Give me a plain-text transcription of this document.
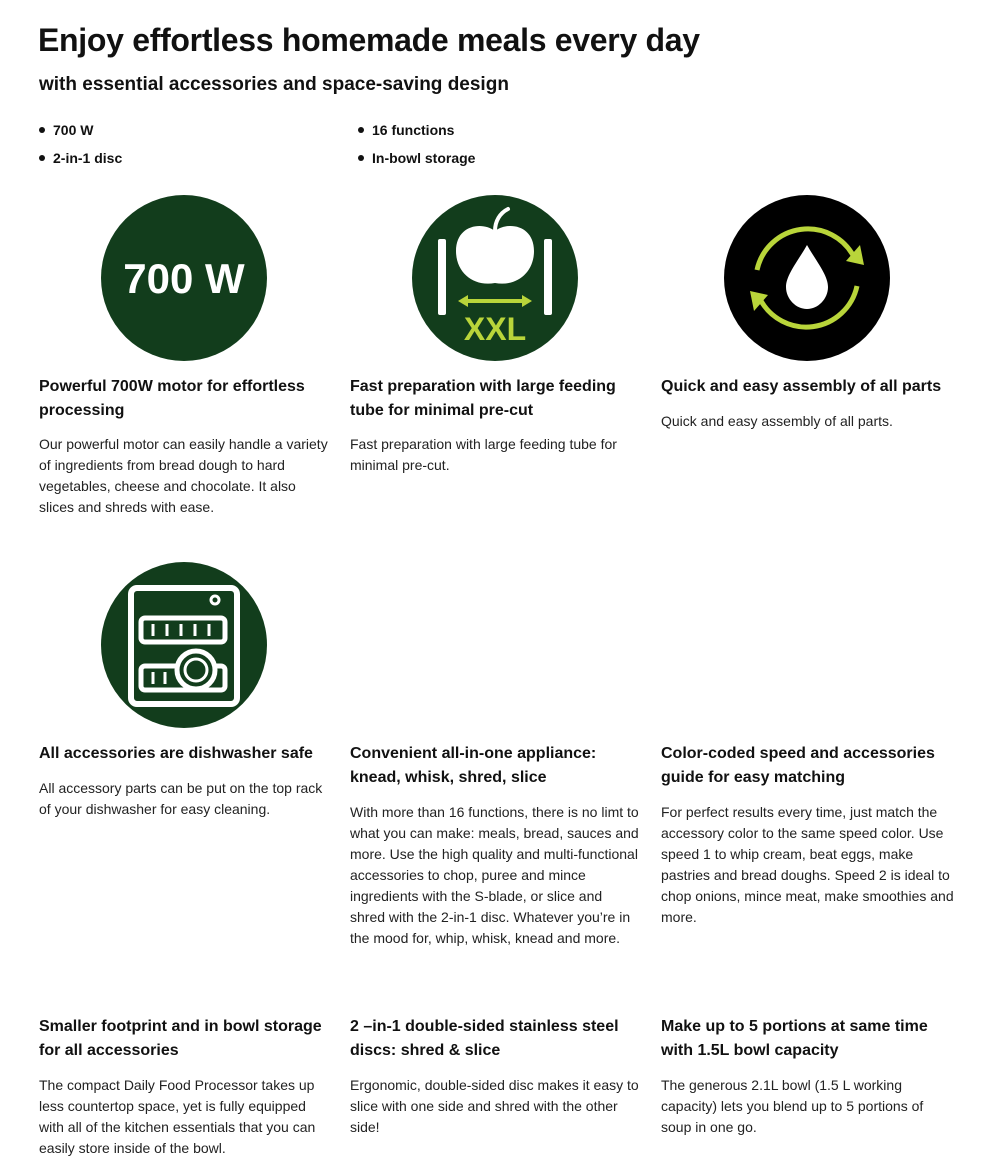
Enjoy effortless homemade meals every day
with essential accessories and space-saving design
700 W
2-in-1 disc
16 functions
In-bowl storage
700 W
XXL
Powerful 700W motor for effortless processing

Our powerful motor can easily handle a variety of ingredients from bread dough to hard vegetables, cheese and chocolate. It also slices and shreds with ease.

Fast preparation with large feeding tube for minimal pre-cut

Fast preparation with large feeding tube for minimal pre-cut.

Quick and easy assembly of all parts

Quick and easy assembly of all parts.

All accessories are dishwasher safe

All accessory parts can be put on the top rack of your dishwasher for easy cleaning.

Convenient all-in-one appliance: knead, whisk, shred, slice

With more than 16 functions, there is no limt to what you can make: meals, bread, sauces and more. Use the high quality and multi-functional accessories to chop, puree and mince ingredients with the S-blade, or slice and shred with the 2-in-1 disc. Whatever you’re in the mood for, whip, whisk, knead and more.

Color-coded speed and accessories guide for easy matching

For perfect results every time, just match the accessory color to the same speed color. Use speed 1 to whip cream, beat eggs, make pastries and bread doughs. Speed 2 is ideal to chop onions, mince meat, make smoothies and more.

Smaller footprint and in bowl storage for all accessories

The compact Daily Food Processor takes up less countertop space, yet is fully equipped with all of the kitchen essentials that you can easily store inside of the bowl.

2 –in-1 double-sided stainless steel discs: shred & slice

Ergonomic, double-sided disc makes it easy to slice with one side and shred with the other side!

Make up to 5 portions at same time with 1.5L bowl capacity

The generous 2.1L bowl (1.5 L working capacity) lets you blend up to 5 portions of soup in one go.
